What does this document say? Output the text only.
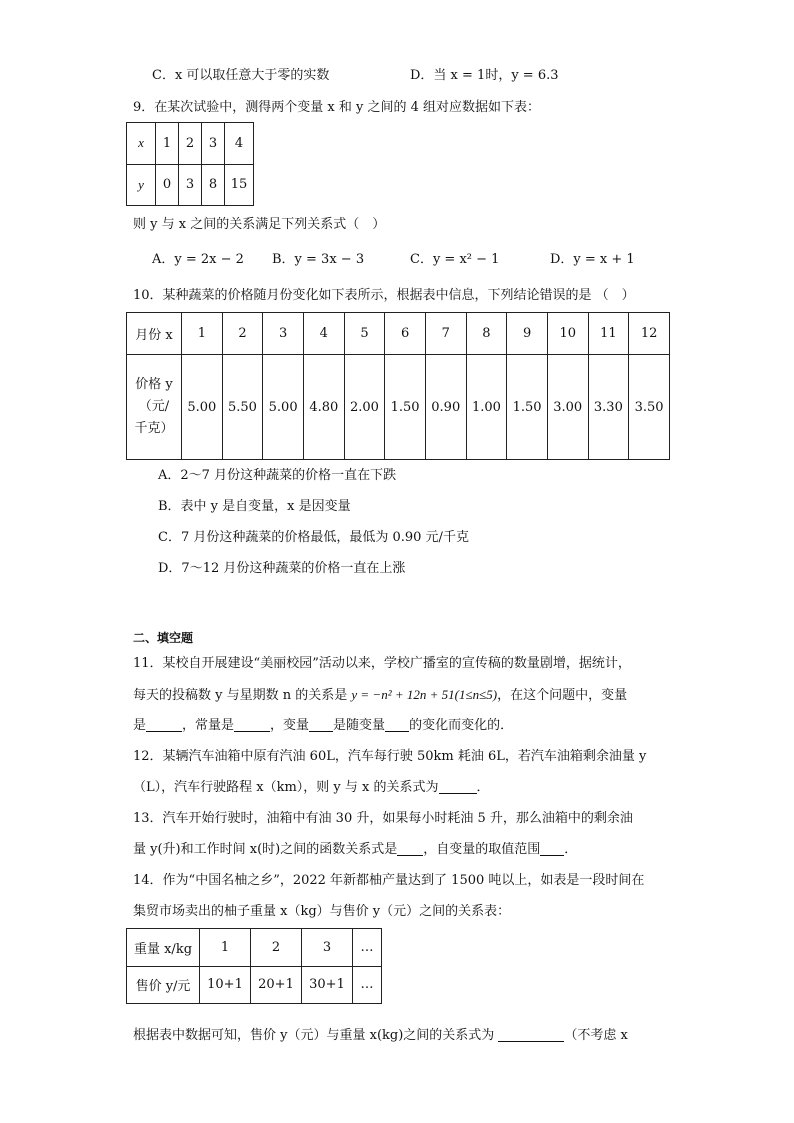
C．x 可以取任意大于零的实数	D．当 x = 1时，y = 6.3
9．在某次试验中，测得两个变量 x 和 y 之间的 4 组对应数据如下表：
x	1	2	3	4
y	0	3	8	15
则 y 与 x 之间的关系满足下列关系式（　）
A．y = 2x − 2 B．y = 3x − 3	C．y = x² − 1	D．y = x + 1
10．某种蔬菜的价格随月份变化如下表所示，根据表中信息，下列结论错误的是 （　）
月份 x	1	2	3	4	5	6	7	8	9	10	11	12

价格 y
（元/
千克）	5.00	5.50	5.00	4.80	2.00	1.50	0.90	1.00	1.50	3.00	3.30	3.50
A．2～7 月份这种蔬菜的价格一直在下跌
B．表中 y 是自变量，x 是因变量
C．7 月份这种蔬菜的价格最低，最低为 0.90 元/千克
D．7～12 月份这种蔬菜的价格一直在上涨
二、填空题
11．某校自开展建设“美丽校园”活动以来，学校广播室的宣传稿的数量剧增，据统计，
每天的投稿数 y 与星期数 n 的关系是 y = −n² + 12n + 51(1≤n≤5)，在这个问题中，变量
是	，常量是	，变量 是随变量 的变化而变化的．
12．某辆汽车油箱中原有汽油 60L，汽车每行驶 50km 耗油 6L，若汽车油箱剩余油量 y
（L），汽车行驶路程 x（km），则 y 与 x 的关系式为	．
13．汽车开始行驶时，油箱中有油 30 升，如果每小时耗油 5 升，那么油箱中的剩余油
量 y(升)和工作时间 x(时)之间的函数关系式是 ，自变量的取值范围 ．
14．作为“中国名柚之乡”，2022 年新都柚产量达到了 1500 吨以上，如表是一段时间在
集贸市场卖出的柚子重量 x（kg）与售价 y（元）之间的关系表：
重量 x/kg	1	2	3	…
售价 y/元	10+1	20+1	30+1	…
根据表中数据可知，售价 y（元）与重量 x(kg)之间的关系式为	（不考虑 x
